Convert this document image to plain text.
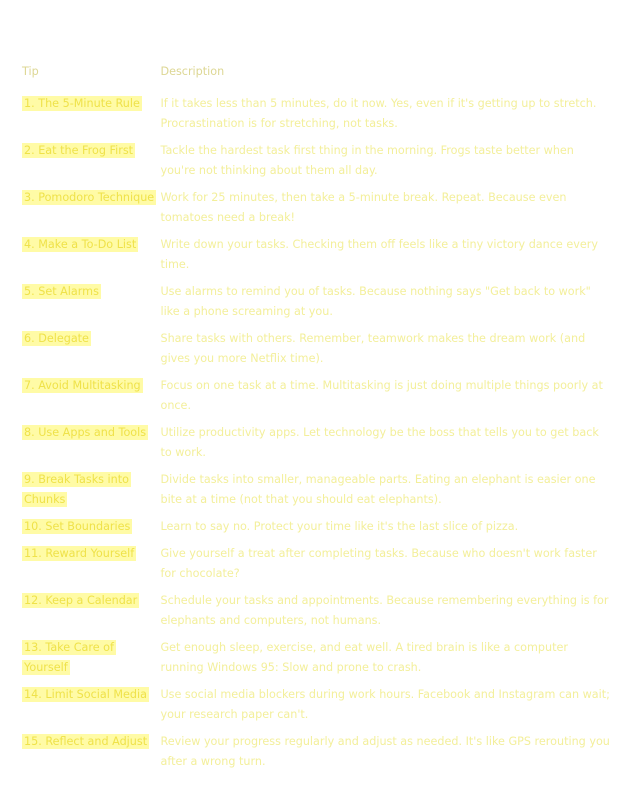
Tip	Description
1. The 5-Minute Rule	If it takes less than 5 minutes, do it now. Yes, even if it's getting up to stretch. Procrastination is for stretching, not tasks.
2. Eat the Frog First	Tackle the hardest task first thing in the morning. Frogs taste better when you're not thinking about them all day.
3. Pomodoro Technique	Work for 25 minutes, then take a 5-minute break. Repeat. Because even tomatoes need a break!
4. Make a To-Do List	Write down your tasks. Checking them off feels like a tiny victory dance every time.
5. Set Alarms	Use alarms to remind you of tasks. Because nothing says "Get back to work" like a phone screaming at you.
6. Delegate	Share tasks with others. Remember, teamwork makes the dream work (and gives you more Netflix time).
7. Avoid Multitasking	Focus on one task at a time. Multitasking is just doing multiple things poorly at once.
8. Use Apps and Tools	Utilize productivity apps. Let technology be the boss that tells you to get back to work.
9. Break Tasks into Chunks	Divide tasks into smaller, manageable parts. Eating an elephant is easier one bite at a time (not that you should eat elephants).
10. Set Boundaries	Learn to say no. Protect your time like it's the last slice of pizza.
11. Reward Yourself	Give yourself a treat after completing tasks. Because who doesn't work faster for chocolate?
12. Keep a Calendar	Schedule your tasks and appointments. Because remembering everything is for elephants and computers, not humans.
13. Take Care of Yourself	Get enough sleep, exercise, and eat well. A tired brain is like a computer running Windows 95: Slow and prone to crash.
14. Limit Social Media	Use social media blockers during work hours. Facebook and Instagram can wait; your research paper can't.
15. Reflect and Adjust	Review your progress regularly and adjust as needed. It's like GPS rerouting you after a wrong turn.
